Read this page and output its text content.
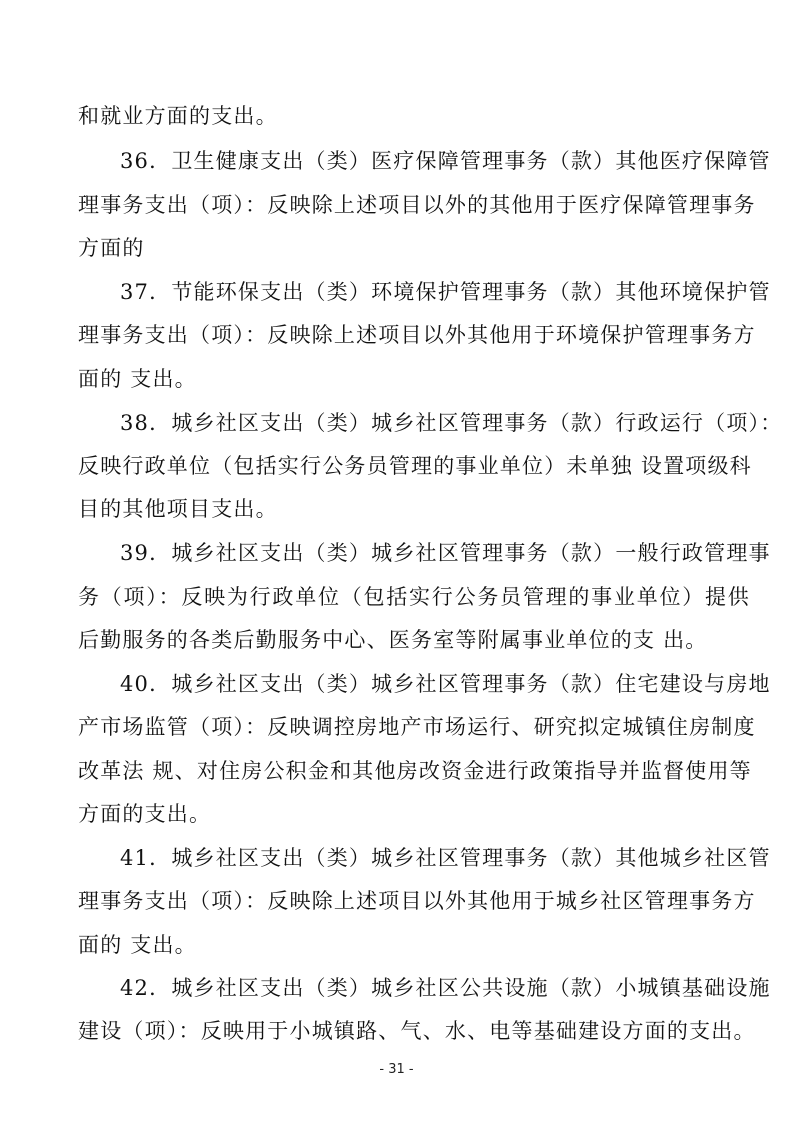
和就业方面的支出。
36．卫生健康支出（类）医疗保障管理事务（款）其他医疗保障管
理事务支出（项）：反映除上述项目以外的其他用于医疗保障管理事务
方面的
37．节能环保支出（类）环境保护管理事务（款）其他环境保护管
理事务支出（项）：反映除上述项目以外其他用于环境保护管理事务方
面的 支出。
38．城乡社区支出（类）城乡社区管理事务（款）行政运行（项）：
反映行政单位（包括实行公务员管理的事业单位）未单独 设置项级科
目的其他项目支出。
39．城乡社区支出（类）城乡社区管理事务（款）一般行政管理事
务（项）：反映为行政单位（包括实行公务员管理的事业单位）提供
后勤服务的各类后勤服务中心、医务室等附属事业单位的支 出。
40．城乡社区支出（类）城乡社区管理事务（款）住宅建设与房地
产市场监管（项）：反映调控房地产市场运行、研究拟定城镇住房制度
改革法 规、对住房公积金和其他房改资金进行政策指导并监督使用等
方面的支出。
41．城乡社区支出（类）城乡社区管理事务（款）其他城乡社区管
理事务支出（项）：反映除上述项目以外其他用于城乡社区管理事务方
面的 支出。
42．城乡社区支出（类）城乡社区公共设施（款）小城镇基础设施
建设（项）：反映用于小城镇路、气、水、电等基础建设方面的支出。
- 31 -
